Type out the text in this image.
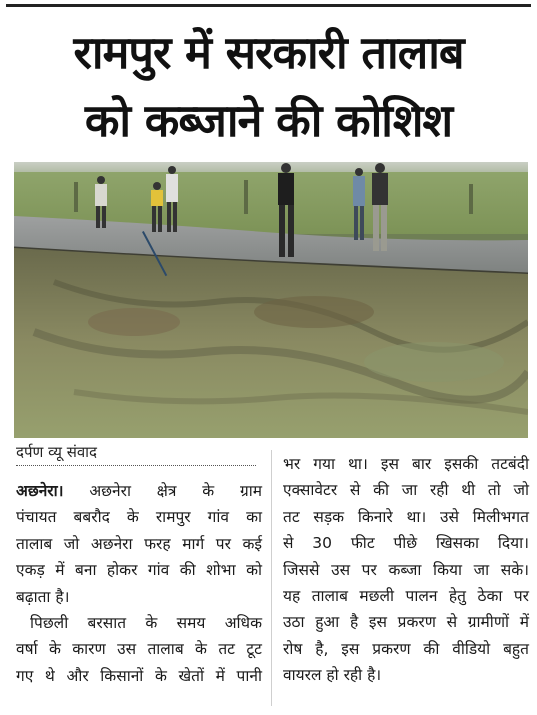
रामपुर में सरकारी तालाब
को कब्जाने की कोशिश
दर्पण व्यू संवाद
अछनेरा। अछनेरा क्षेत्र के ग्राम
पंचायत बबरौद के रामपुर गांव का
तालाब जो अछनेरा फरह मार्ग पर कई
एकड़ में बना होकर गांव की शोभा को
बढ़ाता है।
पिछली बरसात के समय अधिक
वर्षा के कारण उस तालाब के तट टूट
गए थे और किसानों के खेतों में पानी
भर गया था। इस बार इसकी तटबंदी
एक्सावेटर से की जा रही थी तो जो
तट सड़क किनारे था। उसे मिलीभगत
से 30 फीट पीछे खिसका दिया।
जिससे उस पर कब्जा किया जा सके।
यह तालाब मछली पालन हेतु ठेका पर
उठा हुआ है इस प्रकरण से ग्रामीणों में
रोष है, इस प्रकरण की वीडियो बहुत
वायरल हो रही है।
